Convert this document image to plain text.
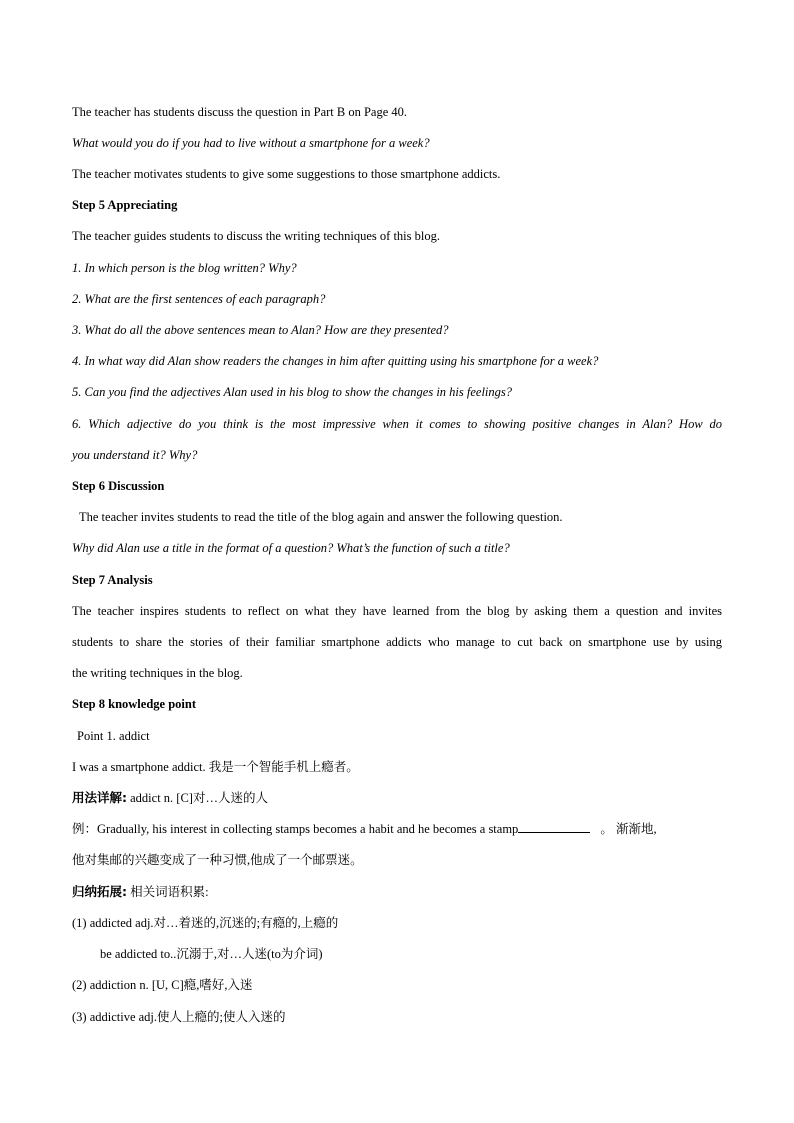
The teacher has students discuss the question in Part B on Page 40.
What would you do if you had to live without a smartphone for a week?
The teacher motivates students to give some suggestions to those smartphone addicts.
Step 5 Appreciating
The teacher guides students to discuss the writing techniques of this blog.
1. In which person is the blog written? Why?
2. What are the first sentences of each paragraph?
3. What do all the above sentences mean to Alan? How are they presented?
4. In what way did Alan show readers the changes in him after quitting using his smartphone for a week?
5. Can you find the adjectives Alan used in his blog to show the changes in his feelings?
6. Which adjective do you think is the most impressive when it comes to showing positive changes in Alan? How do
you understand it? Why?
Step 6 Discussion
The teacher invites students to read the title of the blog again and answer the following question.
Why did Alan use a title in the format of a question? What’s the function of such a title?
Step 7 Analysis
The teacher inspires students to reflect on what they have learned from the blog by asking them a question and invites
students to share the stories of their familiar smartphone addicts who manage to cut back on smartphone use by using
the writing techniques in the blog.
Step 8 knowledge point
Point 1. addict
I was a smartphone addict. 我是一个智能手机上瘾者。
用法详解: addict n. [C]对…人迷的人
例：Gradually, his interest in collecting stamps becomes a habit and he becomes a stamp	。 渐渐地,
他对集邮的兴趣变成了一种习惯,他成了一个邮票迷。
归纳拓展: 相关词语积累:
(1) addicted adj.对…着迷的,沉迷的;有瘾的,上瘾的
be addicted to..沉溺于,对…人迷(to为介词)
(2) addiction n. [U, C]瘾,嗜好,入迷
(3) addictive adj.使人上瘾的;使人入迷的
